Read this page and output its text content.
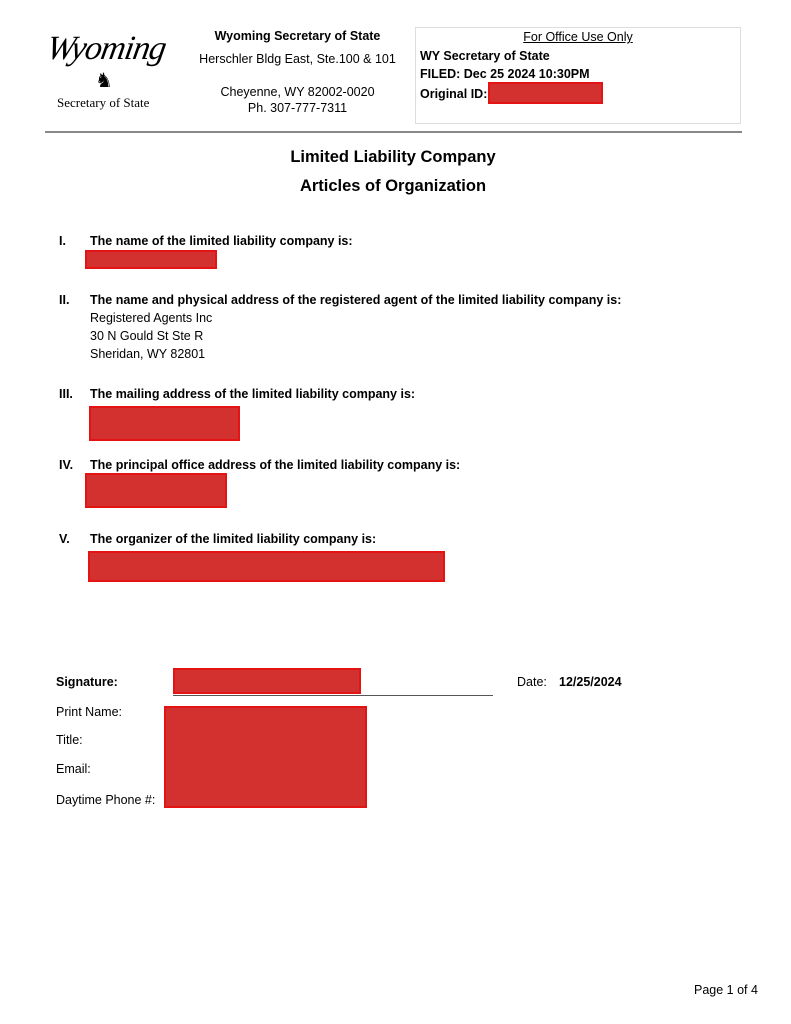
Wyoming
♞
Secretary of State
Wyoming Secretary of State
Herschler Bldg East, Ste.100 & 101
Cheyenne, WY 82002-0020
Ph. 307-777-7311
For Office Use Only
WY Secretary of State
FILED: Dec 25 2024 10:30PM
Original ID:
Limited Liability Company
Articles of Organization
I. The name of the limited liability company is:
II. The name and physical address of the registered agent of the limited liability company is:
Registered Agents Inc
30 N Gould St Ste R
Sheridan, WY 82801
III. The mailing address of the limited liability company is:
IV. The principal office address of the limited liability company is:
V. The organizer of the limited liability company is:
Signature:	Date: 12/25/2024
Print Name:
Title:
Email:
Daytime Phone #:
Page 1 of 4
